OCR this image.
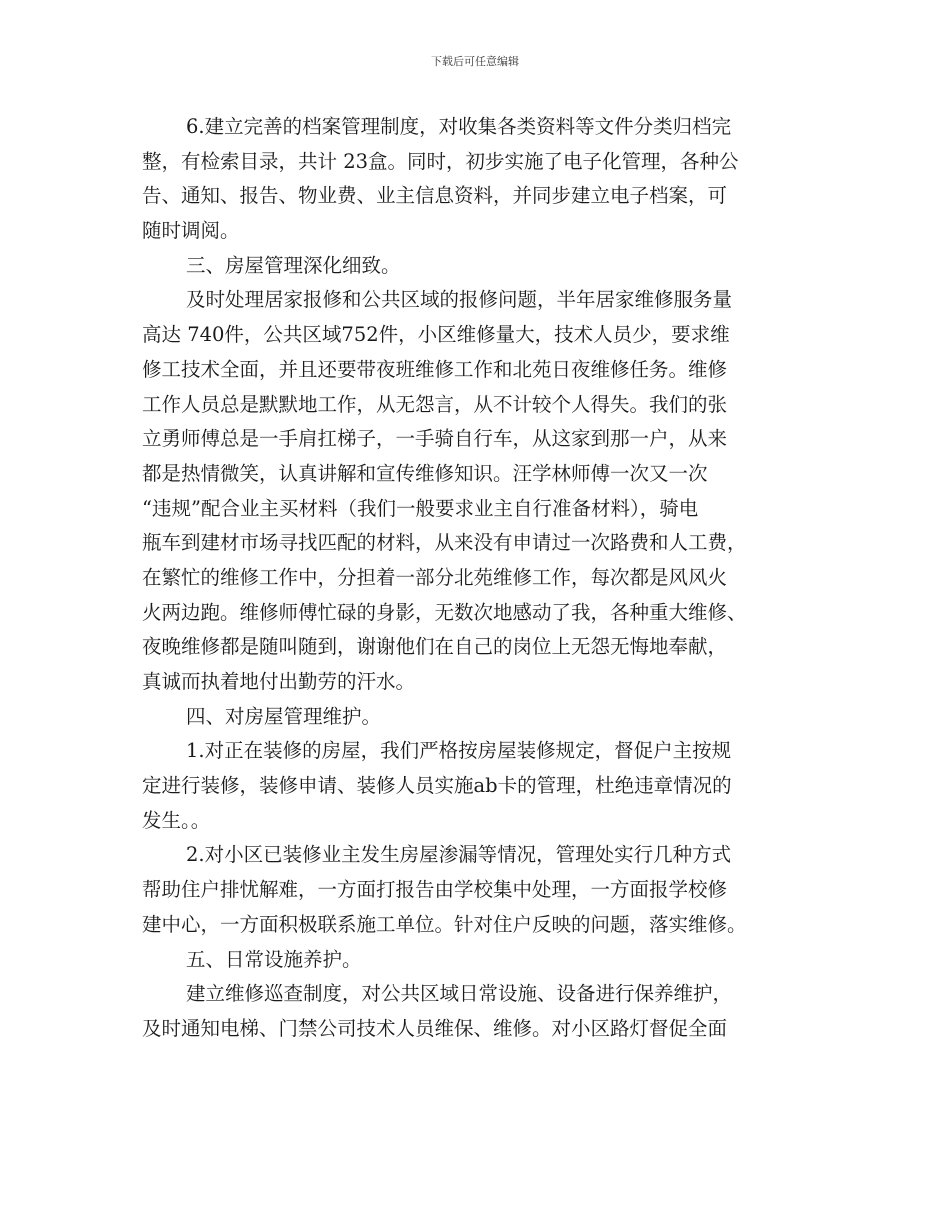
下载后可任意编辑
6.建立完善的档案管理制度，对收集各类资料等文件分类归档完
整，有检索目录，共计 23盒。同时，初步实施了电子化管理，各种公
告、通知、报告、物业费、业主信息资料，并同步建立电子档案，可
随时调阅。
三、房屋管理深化细致。
及时处理居家报修和公共区域的报修问题，半年居家维修服务量
高达 740件，公共区域752件，小区维修量大，技术人员少，要求维
修工技术全面，并且还要带夜班维修工作和北苑日夜维修任务。维修
工作人员总是默默地工作，从无怨言，从不计较个人得失。我们的张
立勇师傅总是一手肩扛梯子，一手骑自行车，从这家到那一户，从来
都是热情微笑，认真讲解和宣传维修知识。汪学林师傅一次又一次
“违规”配合业主买材料（我们一般要求业主自行准备材料），骑电
瓶车到建材市场寻找匹配的材料，从来没有申请过一次路费和人工费，
在繁忙的维修工作中，分担着一部分北苑维修工作，每次都是风风火
火两边跑。维修师傅忙碌的身影，无数次地感动了我，各种重大维修、
夜晚维修都是随叫随到，谢谢他们在自己的岗位上无怨无悔地奉献，
真诚而执着地付出勤劳的汗水。
四、对房屋管理维护。
1.对正在装修的房屋，我们严格按房屋装修规定，督促户主按规
定进行装修，装修申请、装修人员实施ab卡的管理，杜绝违章情况的
发生。。
2.对小区已装修业主发生房屋渗漏等情况，管理处实行几种方式
帮助住户排忧解难，一方面打报告由学校集中处理，一方面报学校修
建中心，一方面积极联系施工单位。针对住户反映的问题，落实维修。
五、日常设施养护。
建立维修巡查制度，对公共区域日常设施、设备进行保养维护，
及时通知电梯、门禁公司技术人员维保、维修。对小区路灯督促全面
